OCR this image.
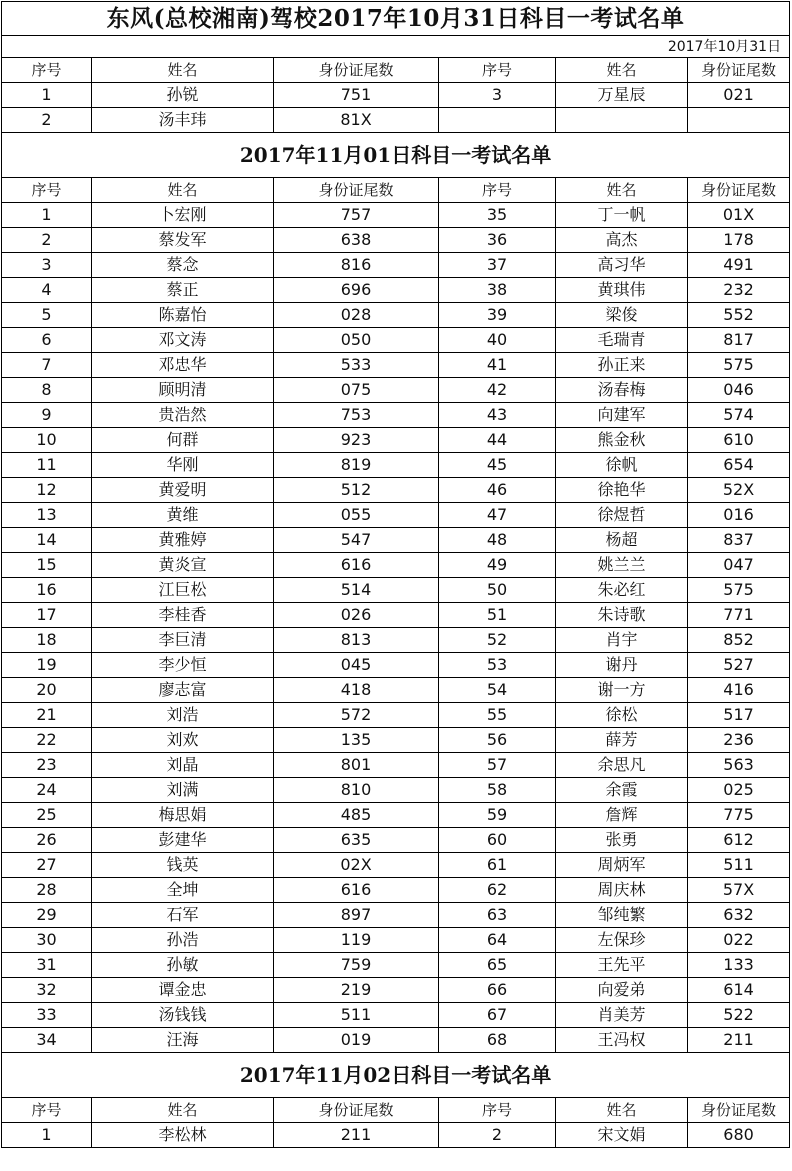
东风(总校湘南)驾校2017年10月31日科目一考试名单					
2017年10月31日					
序号	姓名	身份证尾数	序号	姓名	身份证尾数
1	孙锐	751	3	万星辰	021
2	汤丰玮	81X			
2017年11月01日科目一考试名单					
序号	姓名	身份证尾数	序号	姓名	身份证尾数
1	卜宏刚	757	35	丁一帆	01X
2	蔡发军	638	36	高杰	178
3	蔡念	816	37	高习华	491
4	蔡正	696	38	黄琪伟	232
5	陈嘉怡	028	39	梁俊	552
6	邓文涛	050	40	毛瑞青	817
7	邓忠华	533	41	孙正来	575
8	顾明清	075	42	汤春梅	046
9	贵浩然	753	43	向建军	574
10	何群	923	44	熊金秋	610
11	华刚	819	45	徐帆	654
12	黄爱明	512	46	徐艳华	52X
13	黄维	055	47	徐煜哲	016
14	黄雅婷	547	48	杨超	837
15	黄炎宣	616	49	姚兰兰	047
16	江巨松	514	50	朱必红	575
17	李桂香	026	51	朱诗歌	771
18	李巨清	813	52	肖宇	852
19	李少恒	045	53	谢丹	527
20	廖志富	418	54	谢一方	416
21	刘浩	572	55	徐松	517
22	刘欢	135	56	薛芳	236
23	刘晶	801	57	余思凡	563
24	刘满	810	58	余霞	025
25	梅思娟	485	59	詹辉	775
26	彭建华	635	60	张勇	612
27	钱英	02X	61	周炳军	511
28	全坤	616	62	周庆林	57X
29	石军	897	63	邹纯繁	632
30	孙浩	119	64	左保珍	022
31	孙敏	759	65	王先平	133
32	谭金忠	219	66	向爱弟	614
33	汤钱钱	511	67	肖美芳	522
34	汪海	019	68	王冯权	211
2017年11月02日科目一考试名单					
序号	姓名	身份证尾数	序号	姓名	身份证尾数
1	李松林	211	2	宋文娟	680
